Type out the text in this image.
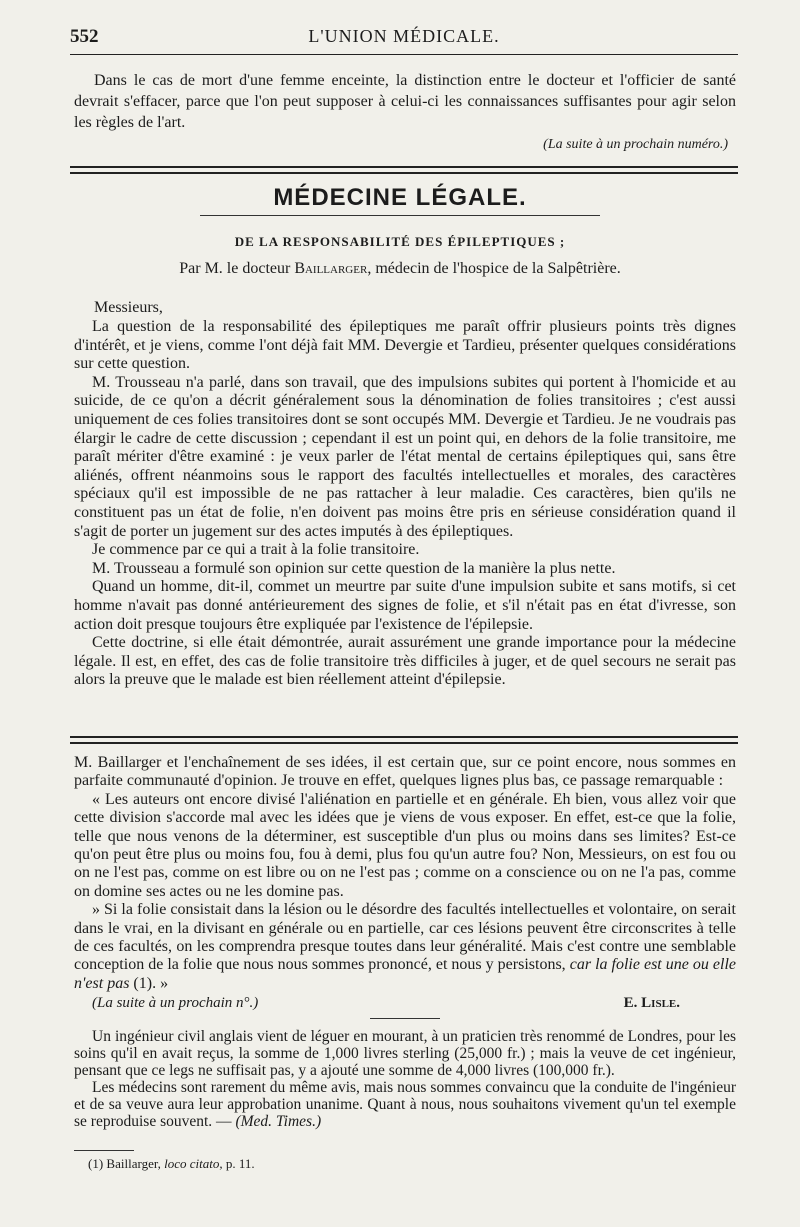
552	L'UNION MÉDICALE.

Dans le cas de mort d'une femme enceinte, la distinction entre le docteur et l'officier de santé devrait s'effacer, parce que l'on peut supposer à celui-ci les connaissances suffisantes pour agir selon les règles de l'art.

(La suite à un prochain numéro.)
MÉDECINE LÉGALE.
DE LA RESPONSABILITÉ DES ÉPILEPTIQUES ;
Par M. le docteur Baillarger, médecin de l'hospice de la Salpêtrière.
Messieurs,

La question de la responsabilité des épileptiques me paraît offrir plusieurs points très dignes d'intérêt, et je viens, comme l'ont déjà fait MM. Devergie et Tardieu, présenter quelques considérations sur cette question.

M. Trousseau n'a parlé, dans son travail, que des impulsions subites qui portent à l'homicide et au suicide, de ce qu'on a décrit généralement sous la dénomination de folies transitoires ; c'est aussi uniquement de ces folies transitoires dont se sont occupés MM. Devergie et Tardieu. Je ne voudrais pas élargir le cadre de cette discussion ; cependant il est un point qui, en dehors de la folie transitoire, me paraît mériter d'être examiné : je veux parler de l'état mental de certains épileptiques qui, sans être aliénés, offrent néanmoins sous le rapport des facultés intellectuelles et morales, des caractères spéciaux qu'il est impossible de ne pas rattacher à leur maladie. Ces caractères, bien qu'ils ne constituent pas un état de folie, n'en doivent pas moins être pris en sérieuse considération quand il s'agit de porter un jugement sur des actes imputés à des épileptiques.

Je commence par ce qui a trait à la folie transitoire.

M. Trousseau a formulé son opinion sur cette question de la manière la plus nette.

Quand un homme, dit-il, commet un meurtre par suite d'une impulsion subite et sans motifs, si cet homme n'avait pas donné antérieurement des signes de folie, et s'il n'était pas en état d'ivresse, son action doit presque toujours être expliquée par l'existence de l'épilepsie.

Cette doctrine, si elle était démontrée, aurait assurément une grande importance pour la médecine légale. Il est, en effet, des cas de folie transitoire très difficiles à juger, et de quel secours ne serait pas alors la preuve que le malade est bien réellement atteint d'épilepsie.

M. Baillarger et l'enchaînement de ses idées, il est certain que, sur ce point encore, nous sommes en parfaite communauté d'opinion. Je trouve en effet, quelques lignes plus bas, ce passage remarquable :

« Les auteurs ont encore divisé l'aliénation en partielle et en générale. Eh bien, vous allez voir que cette division s'accorde mal avec les idées que je viens de vous exposer. En effet, est-ce que la folie, telle que nous venons de la déterminer, est susceptible d'un plus ou moins dans ses limites? Est-ce qu'on peut être plus ou moins fou, fou à demi, plus fou qu'un autre fou? Non, Messieurs, on est fou ou on ne l'est pas, comme on est libre ou on ne l'est pas ; comme on a conscience ou on ne l'a pas, comme on domine ses actes ou ne les domine pas.

» Si la folie consistait dans la lésion ou le désordre des facultés intellectuelles et volontaire, on serait dans le vrai, en la divisant en générale ou en partielle, car ces lésions peuvent être circonscrites à telle de ces facultés, on les comprendra presque toutes dans leur généralité. Mais c'est contre une semblable conception de la folie que nous nous sommes prononcé, et nous y persistons, car la folie est une ou elle n'est pas (1). »

(La suite à un prochain n°.)	E. Lisle.

Un ingénieur civil anglais vient de léguer en mourant, à un praticien très renommé de Londres, pour les soins qu'il en avait reçus, la somme de 1,000 livres sterling (25,000 fr.) ; mais la veuve de cet ingénieur, pensant que ce legs ne suffisait pas, y a ajouté une somme de 4,000 livres (100,000 fr.).

Les médecins sont rarement du même avis, mais nous sommes convaincu que la conduite de l'ingénieur et de sa veuve aura leur approbation unanime. Quant à nous, nous souhaitons vivement qu'un tel exemple se reproduise souvent. — (Med. Times.)

(1) Baillarger, loco citato, p. 11.
